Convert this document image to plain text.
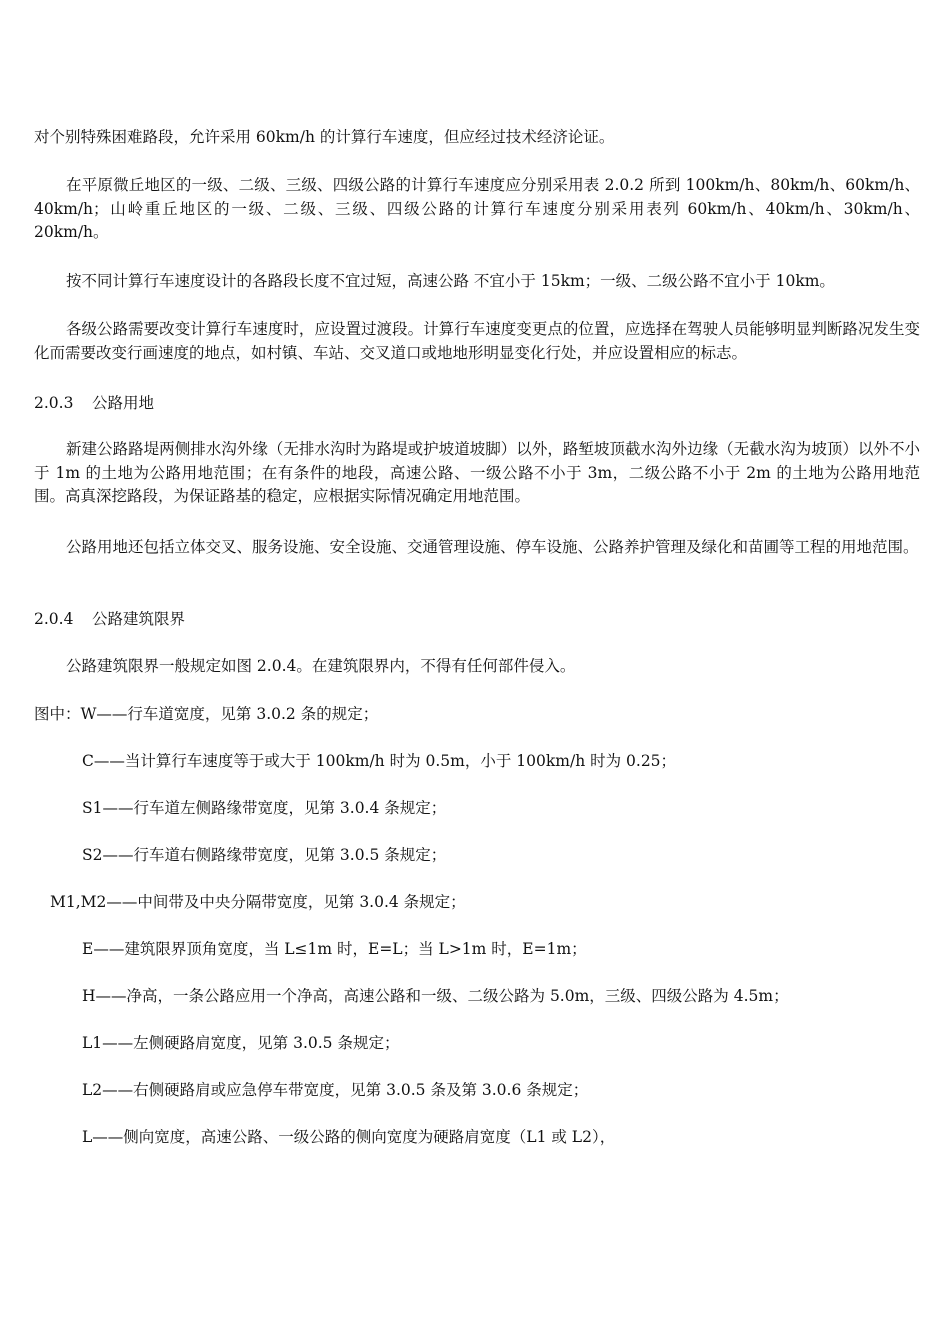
对个别特殊困难路段，允许采用 60km/h 的计算行车速度，但应经过技术经济论证。
在平原微丘地区的一级、二级、三级、四级公路的计算行车速度应分别采用表 2.0.2 所到 100km/h、80km/h、60km/h、40km/h；山岭重丘地区的一级、二级、三级、四级公路的计算行车速度分别采用表列 60km/h、40km/h、30km/h、20km/h。
按不同计算行车速度设计的各路段长度不宜过短，高速公路 不宜小于 15km；一级、二级公路不宜小于 10km。
各级公路需要改变计算行车速度时，应设置过渡段。计算行车速度变更点的位置，应选择在驾驶人员能够明显判断路况发生变化而需要改变行画速度的地点，如村镇、车站、交叉道口或地地形明显变化行处，并应设置相应的标志。
2.0.3 公路用地
新建公路路堤两侧排水沟外缘（无排水沟时为路堤或护坡道坡脚）以外，路堑坡顶截水沟外边缘（无截水沟为坡顶）以外不小于 1m 的土地为公路用地范围；在有条件的地段，高速公路、一级公路不小于 3m，二级公路不小于 2m 的土地为公路用地范围。高真深挖路段，为保证路基的稳定，应根据实际情况确定用地范围。
公路用地还包括立体交叉、服务设施、安全设施、交通管理设施、停车设施、公路养护管理及绿化和苗圃等工程的用地范围。
2.0.4 公路建筑限界
公路建筑限界一般规定如图 2.0.4。在建筑限界内，不得有任何部件侵入。
图中：W——行车道宽度，见第 3.0.2 条的规定；
C——当计算行车速度等于或大于 100km/h 时为 0.5m，小于 100km/h 时为 0.25；
S1——行车道左侧路缘带宽度，见第 3.0.4 条规定；
S2——行车道右侧路缘带宽度，见第 3.0.5 条规定；
M1,M2——中间带及中央分隔带宽度，见第 3.0.4 条规定；
E——建筑限界顶角宽度，当 L≤1m 时，E=L；当 L>1m 时，E=1m；
H——净高，一条公路应用一个净高，高速公路和一级、二级公路为 5.0m，三级、四级公路为 4.5m；
L1——左侧硬路肩宽度，见第 3.0.5 条规定；
L2——右侧硬路肩或应急停车带宽度，见第 3.0.5 条及第 3.0.6 条规定；
L——侧向宽度，高速公路、一级公路的侧向宽度为硬路肩宽度（L1 或 L2），
